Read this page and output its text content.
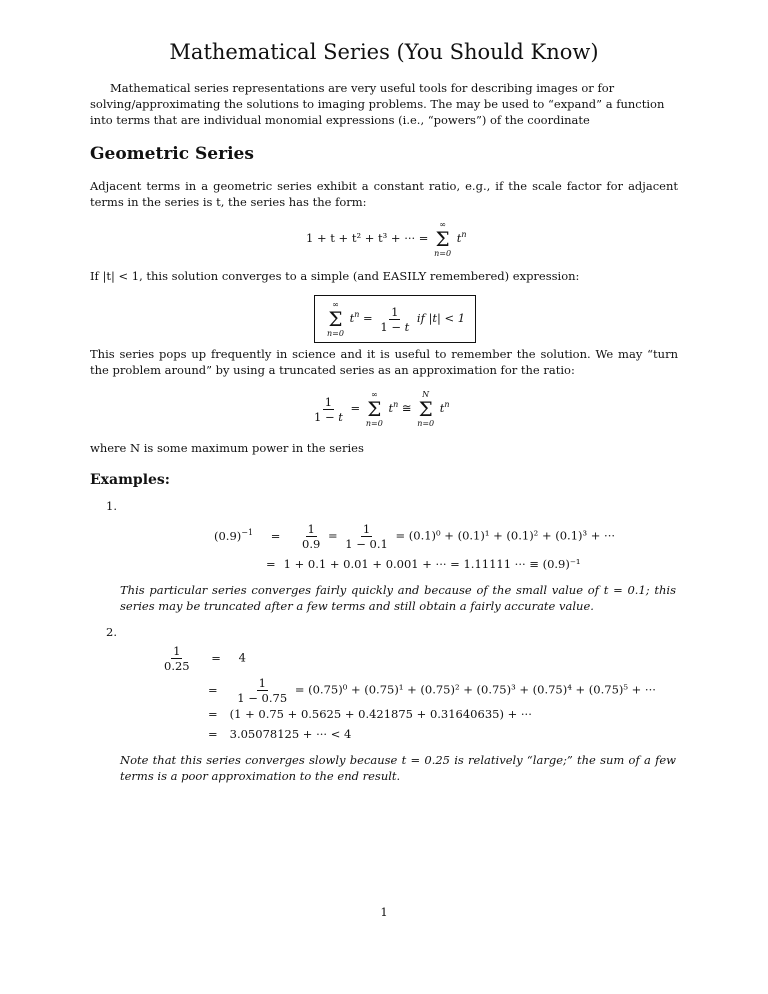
Mathematical Series (You Should Know)
Mathematical series representations are very useful tools for describing images or for solving/approximating the solutions to imaging problems. The may be used to “expand” a function into terms that are individual monomial expressions (i.e., “powers”) of the coordinate
Geometric Series
Adjacent terms in a geometric series exhibit a constant ratio, e.g., if the scale factor for adjacent terms in the series is t, the series has the form:
1 + t + t² + t³ + ··· =
∞
Σ
n=0
$t^n$
If |t| < 1, this solution converges to a simple (and EASILY remembered) expression:
∞
Σ
n=0
$t^n = \frac{1}{1 - t}$ if |t| < 1
This series pops up frequently in science and it is useful to remember the solution. We may “turn the problem around” by using a truncated series as an approximation for the ratio:
$\frac{1}{1 - t}$ =
∞
Σ
n=0
$t^n$ ≅
N
Σ
n=0
$t^n$
where N is some maximum power in the series
Examples:
1.
$(0.9)^{-1} = \frac{1}{0.9} = \frac{1}{1 - 0.1} = (0.1)^0 + (0.1)^1 + (0.1)^2 + (0.1)^3$ + ···
= 1 + 0.1 + 0.01 + 0.001 + ··· = 1.11111 ··· ≡ (0.9)⁻¹
This particular series converges fairly quickly and because of the small value of t = 0.1; this series may be truncated after a few terms and still obtain a fairly accurate value.
2.
$\frac{1}{0.25} = 4$
= $\frac{1}{1 - 0.75} = (0.75)^0 + (0.75)^1 + (0.75)^2 + (0.75)^3 + (0.75)^4 + (0.75)^5$ + ···
= (1 + 0.75 + 0.5625 + 0.421875 + 0.31640635) + ···
= 3.05078125 + ··· < 4
Note that this series converges slowly because t = 0.25 is relatively “large;” the sum of a few terms is a poor approximation to the end result.
1
